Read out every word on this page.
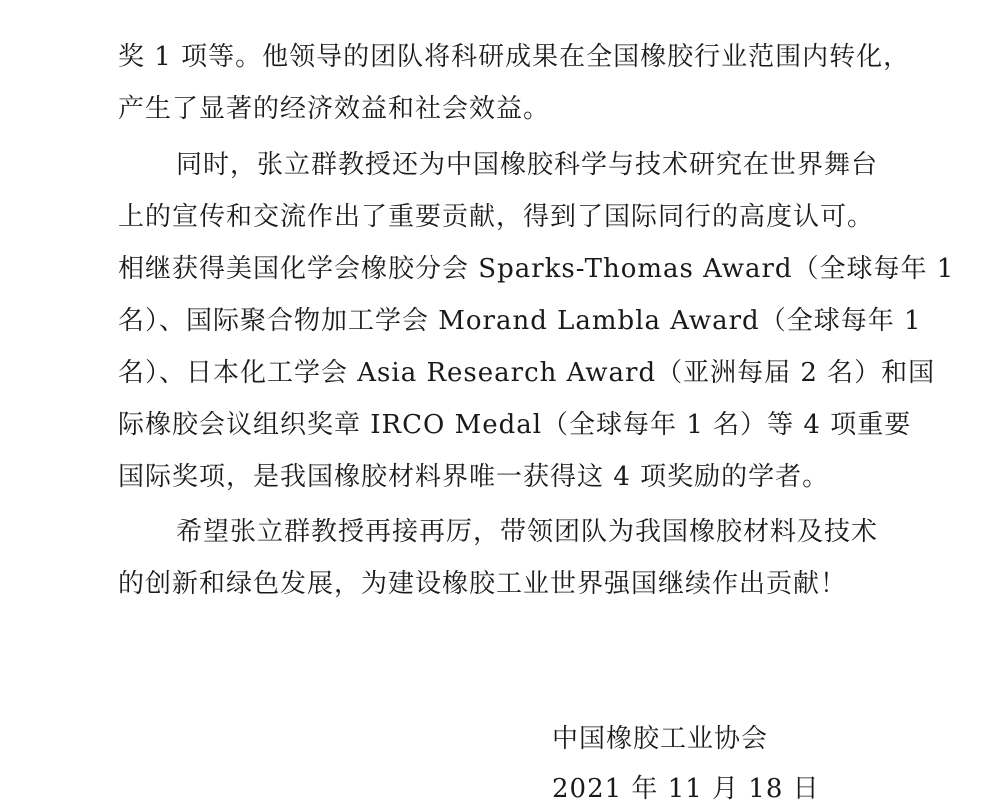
奖 1 项等。他领导的团队将科研成果在全国橡胶行业范围内转化，
产生了显著的经济效益和社会效益。
同时，张立群教授还为中国橡胶科学与技术研究在世界舞台
上的宣传和交流作出了重要贡献，得到了国际同行的高度认可。
相继获得美国化学会橡胶分会 Sparks-Thomas Award（全球每年 1
名）、国际聚合物加工学会 Morand Lambla Award（全球每年 1
名）、日本化工学会 Asia Research Award（亚洲每届 2 名）和国
际橡胶会议组织奖章 IRCO Medal（全球每年 1 名）等 4 项重要
国际奖项，是我国橡胶材料界唯一获得这 4 项奖励的学者。
希望张立群教授再接再厉，带领团队为我国橡胶材料及技术
的创新和绿色发展，为建设橡胶工业世界强国继续作出贡献！
中国橡胶工业协会
2021 年 11 月 18 日
